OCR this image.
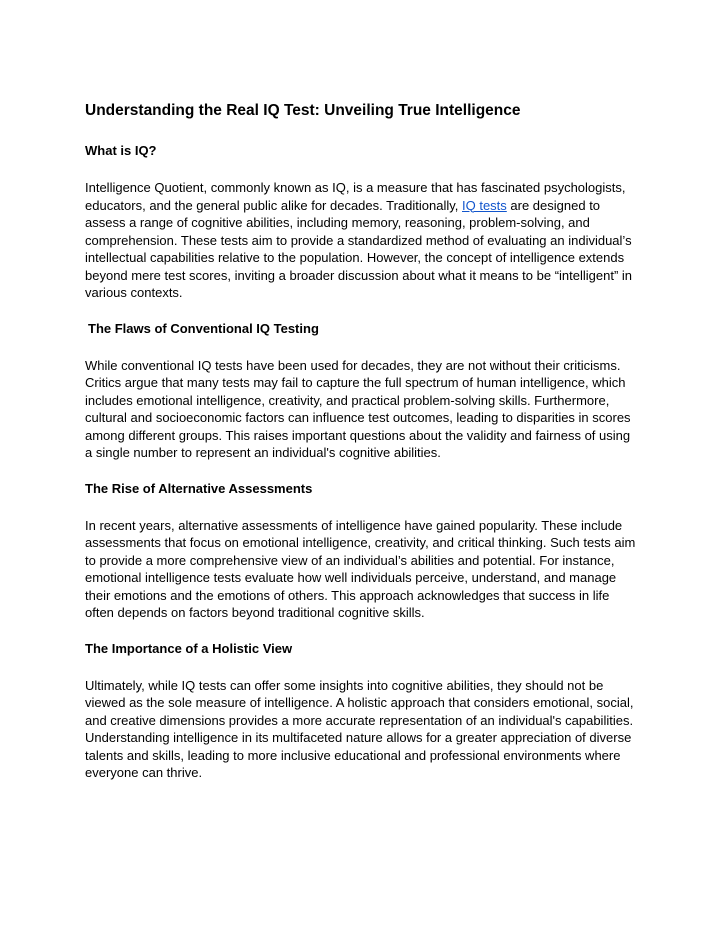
Understanding the Real IQ Test: Unveiling True Intelligence
What is IQ?
Intelligence Quotient, commonly known as IQ, is a measure that has fascinated psychologists,
educators, and the general public alike for decades. Traditionally, IQ tests are designed to
assess a range of cognitive abilities, including memory, reasoning, problem-solving, and
comprehension. These tests aim to provide a standardized method of evaluating an individual’s
intellectual capabilities relative to the population. However, the concept of intelligence extends
beyond mere test scores, inviting a broader discussion about what it means to be “intelligent” in
various contexts.
The Flaws of Conventional IQ Testing
While conventional IQ tests have been used for decades, they are not without their criticisms.
Critics argue that many tests may fail to capture the full spectrum of human intelligence, which
includes emotional intelligence, creativity, and practical problem-solving skills. Furthermore,
cultural and socioeconomic factors can influence test outcomes, leading to disparities in scores
among different groups. This raises important questions about the validity and fairness of using
a single number to represent an individual's cognitive abilities.
The Rise of Alternative Assessments
In recent years, alternative assessments of intelligence have gained popularity. These include
assessments that focus on emotional intelligence, creativity, and critical thinking. Such tests aim
to provide a more comprehensive view of an individual’s abilities and potential. For instance,
emotional intelligence tests evaluate how well individuals perceive, understand, and manage
their emotions and the emotions of others. This approach acknowledges that success in life
often depends on factors beyond traditional cognitive skills.
The Importance of a Holistic View
Ultimately, while IQ tests can offer some insights into cognitive abilities, they should not be
viewed as the sole measure of intelligence. A holistic approach that considers emotional, social,
and creative dimensions provides a more accurate representation of an individual's capabilities.
Understanding intelligence in its multifaceted nature allows for a greater appreciation of diverse
talents and skills, leading to more inclusive educational and professional environments where
everyone can thrive.
